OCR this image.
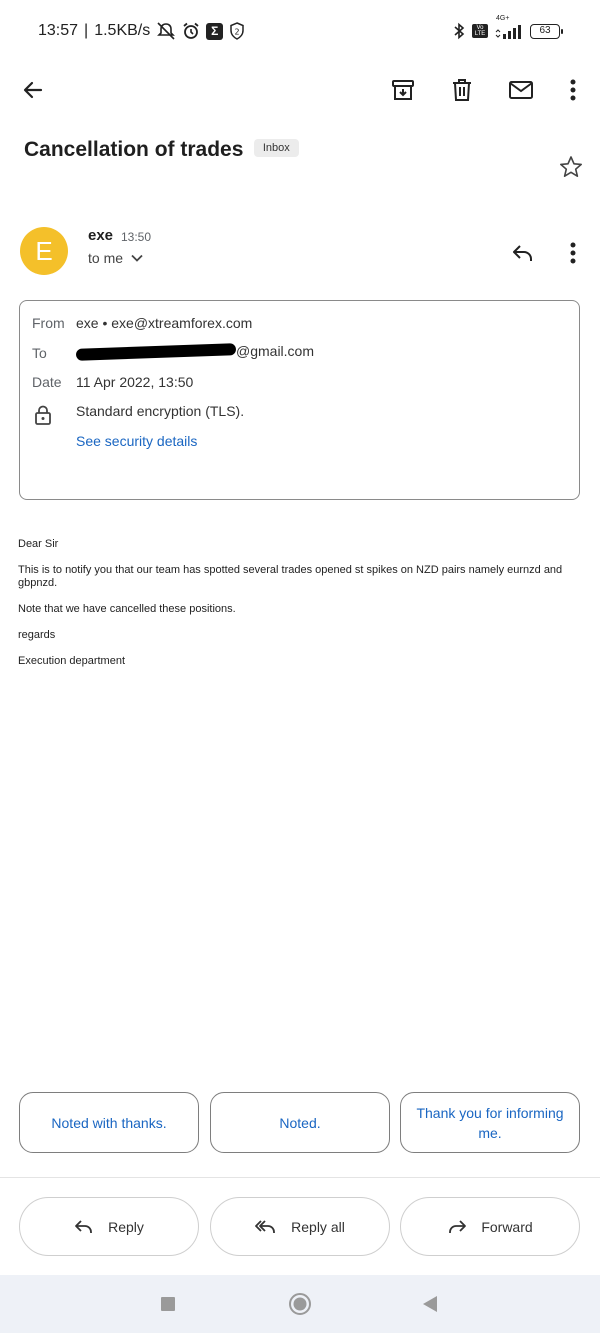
13:57 | 1.5KB/s	Σ	2	Vo LTE
4G+
63
Cancellation of trades Inbox
E	exe 13:50
to me
From exe • exe@xtreamforex.com
To	@gmail.com
Date 11 Apr 2022, 13:50
Standard encryption (TLS).
See security details

Dear Sir

This is to notify you that our team has spotted several trades opened st spikes on NZD pairs namely eurnzd and gbpnzd.

Note that we have cancelled these positions.

regards

Execution department

Noted with thanks.	Noted.
Thank you for informing me.
Reply	Reply all	Forward
